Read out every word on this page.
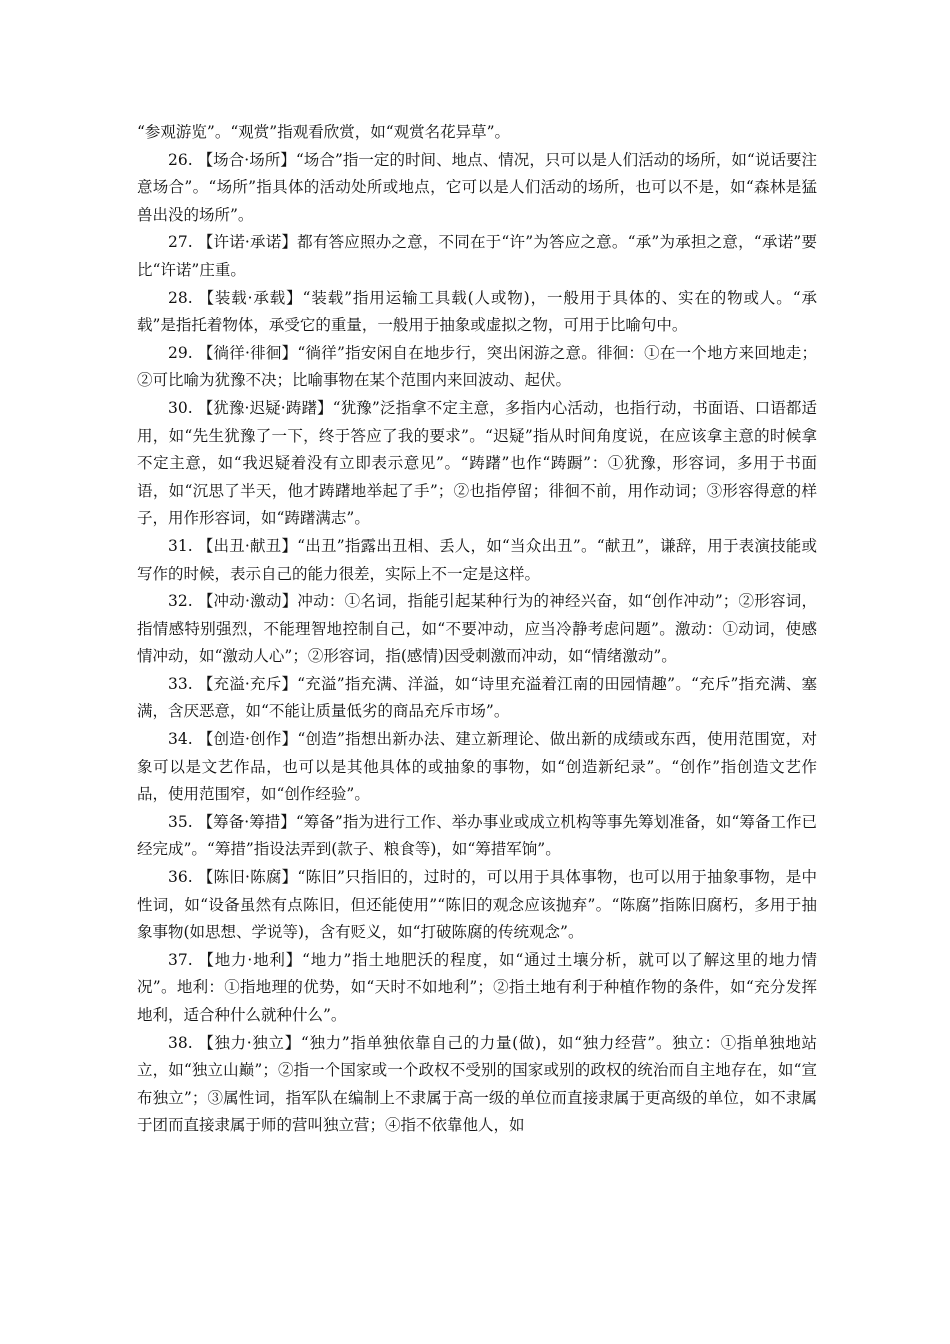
“参观游览”。“观赏”指观看欣赏，如“观赏名花异草”。

26. 【场合·场所】“场合”指一定的时间、地点、情况，只可以是人们活动的场所，如“说话要注意场合”。“场所”指具体的活动处所或地点，它可以是人们活动的场所，也可以不是，如“森林是猛兽出没的场所”。

27. 【许诺·承诺】都有答应照办之意，不同在于“许”为答应之意。“承”为承担之意，“承诺”要比“许诺”庄重。

28. 【装载·承载】“装载”指用运输工具载(人或物)，一般用于具体的、实在的物或人。“承载”是指托着物体，承受它的重量，一般用于抽象或虚拟之物，可用于比喻句中。

29. 【徜徉·徘徊】“徜徉”指安闲自在地步行，突出闲游之意。徘徊：①在一个地方来回地走；②可比喻为犹豫不决；比喻事物在某个范围内来回波动、起伏。

30. 【犹豫·迟疑·踌躇】“犹豫”泛指拿不定主意，多指内心活动，也指行动，书面语、口语都适用，如“先生犹豫了一下，终于答应了我的要求”。“迟疑”指从时间角度说，在应该拿主意的时候拿不定主意，如“我迟疑着没有立即表示意见”。“踌躇”也作“踌蹰”：①犹豫，形容词，多用于书面语，如“沉思了半天，他才踌躇地举起了手”；②也指停留；徘徊不前，用作动词；③形容得意的样子，用作形容词，如“踌躇满志”。

31. 【出丑·献丑】“出丑”指露出丑相、丢人，如“当众出丑”。“献丑”，谦辞，用于表演技能或写作的时候，表示自己的能力很差，实际上不一定是这样。

32. 【冲动·激动】冲动：①名词，指能引起某种行为的神经兴奋，如“创作冲动”；②形容词，指情感特别强烈，不能理智地控制自己，如“不要冲动，应当冷静考虑问题”。激动：①动词，使感情冲动，如“激动人心”；②形容词，指(感情)因受刺激而冲动，如“情绪激动”。

33. 【充溢·充斥】“充溢”指充满、洋溢，如“诗里充溢着江南的田园情趣”。“充斥”指充满、塞满，含厌恶意，如“不能让质量低劣的商品充斥市场”。

34. 【创造·创作】“创造”指想出新办法、建立新理论、做出新的成绩或东西，使用范围宽，对象可以是文艺作品，也可以是其他具体的或抽象的事物，如“创造新纪录”。“创作”指创造文艺作品，使用范围窄，如“创作经验”。

35. 【筹备·筹措】“筹备”指为进行工作、举办事业或成立机构等事先筹划准备，如“筹备工作已经完成”。“筹措”指设法弄到(款子、粮食等)，如“筹措军饷”。

36. 【陈旧·陈腐】“陈旧”只指旧的，过时的，可以用于具体事物，也可以用于抽象事物，是中性词，如“设备虽然有点陈旧，但还能使用”“陈旧的观念应该抛弃”。“陈腐”指陈旧腐朽，多用于抽象事物(如思想、学说等)，含有贬义，如“打破陈腐的传统观念”。

37. 【地力·地利】“地力”指土地肥沃的程度，如“通过土壤分析，就可以了解这里的地力情况”。地利：①指地理的优势，如“天时不如地利”；②指土地有利于种植作物的条件，如“充分发挥地利，适合种什么就种什么”。

38. 【独力·独立】“独力”指单独依靠自己的力量(做)，如“独力经营”。独立：①指单独地站立，如“独立山巅”；②指一个国家或一个政权不受别的国家或别的政权的统治而自主地存在，如“宣布独立”；③属性词，指军队在编制上不隶属于高一级的单位而直接隶属于更高级的单位，如不隶属于团而直接隶属于师的营叫独立营；④指不依靠他人，如
